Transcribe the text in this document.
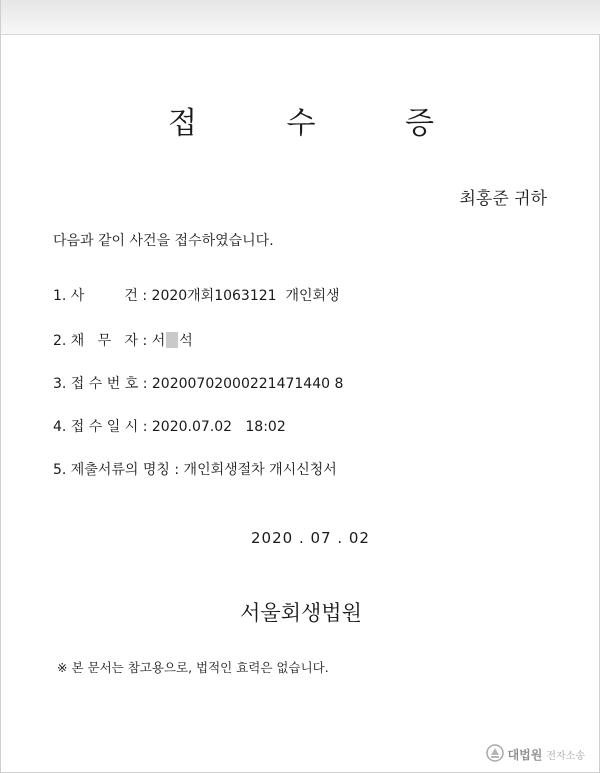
접 수 증
최홍준 귀하
다음과 같이 사건을 접수하였습니다.
1. 사         건 : 2020개회1063121  개인회생
2. 채   무   자 : 서 석
3. 접 수 번 호 : 20200702000221471440 8
4. 접 수 일 시 : 2020.07.02   18:02
5. 제출서류의 명칭 : 개인회생절차 개시신청서
2020 . 07 . 02
서울회생법원
※ 본 문서는 참고용으로, 법적인 효력은 없습니다.
대법원 전자소송
